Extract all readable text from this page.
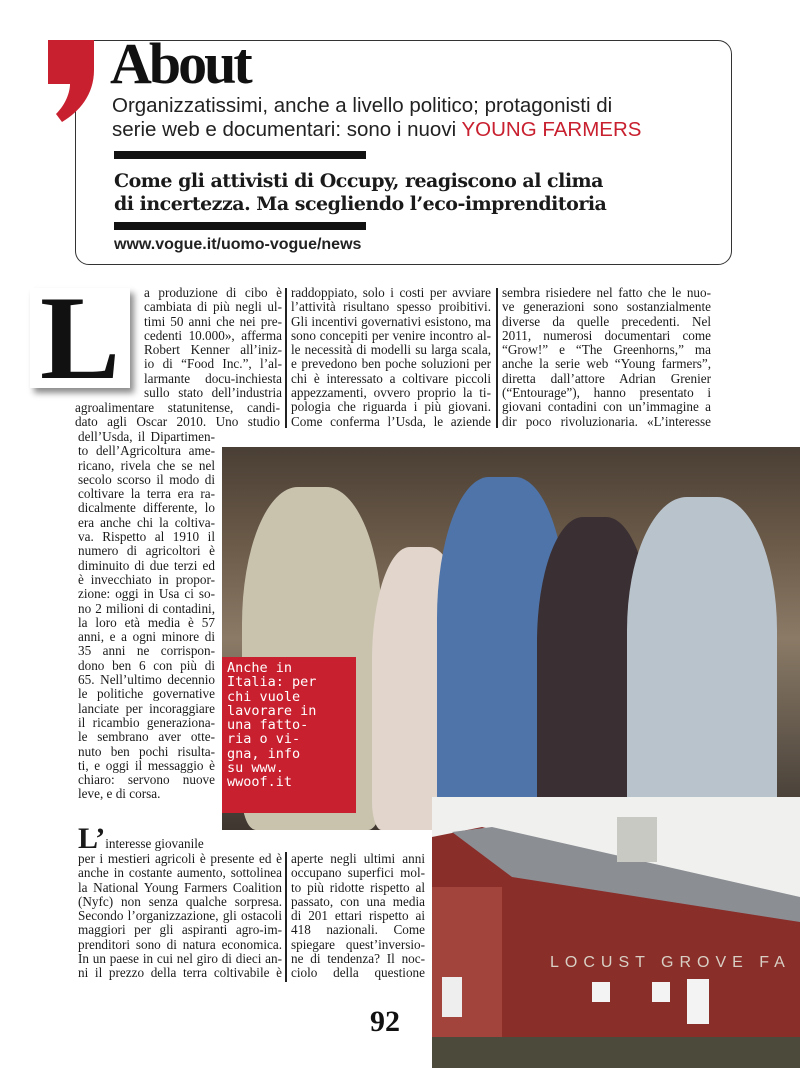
About
Organizzatissimi, anche a livello politico; protagonisti di
serie web e documentari: sono i nuovi YOUNG FARMERS
Come gli attivisti di Occupy, reagiscono al clima
di incertezza. Ma scegliendo l’eco-imprenditoria
www.vogue.it/uomo-vogue/news
L	a produzione di cibo è
cambiata di più negli ul-
timi 50 anni che nei pre-
cedenti 10.000», afferma
Robert Kenner all’iniz-
io di “Food Inc.”, l’al-
larmante docu-inchiesta
sullo stato dell’industria
agroalimentare statunitense, candi-
dato agli Oscar 2010. Uno studio
raddoppiato, solo i costi per avviare
l’attività risultano spesso proibitivi.
Gli incentivi governativi esistono, ma
sono concepiti per venire incontro al-
le necessità di modelli su larga scala,
e prevedono ben poche soluzioni per
chi è interessato a coltivare piccoli
appezzamenti, ovvero proprio la ti-
pologia che riguarda i più giovani.
Come conferma l’Usda, le aziende
sembra risiedere nel fatto che le nuo-
ve generazioni sono sostanzialmente
diverse da quelle precedenti. Nel
2011, numerosi documentari come
“Grow!” e “The Greenhorns,” ma
anche la serie web “Young farmers”,
diretta dall’attore Adrian Grenier
(“Entourage”), hanno presentato i
giovani contadini con un’immagine a
dir poco rivoluzionaria. «L’interesse
dell’Usda, il Dipartimen-
to dell’Agricoltura ame-
ricano, rivela che se nel
secolo scorso il modo di
coltivare la terra era ra-
dicalmente differente, lo
era anche chi la coltiva-
va. Rispetto al 1910 il
numero di agricoltori è
diminuito di due terzi ed
è invecchiato in propor-
zione: oggi in Usa ci so-
no 2 milioni di contadini,
la loro età media è 57
anni, e a ogni minore di
35 anni ne corrispon-
dono ben 6 con più di
65. Nell’ultimo decennio
le politiche governative
lanciate per incoraggiare
il ricambio generaziona-
le sembrano aver otte-
nuto ben pochi risulta-
ti, e oggi il messaggio è
chiaro: servono nuove
leve, e di corsa.
Anche in
Italia: per
chi vuole
lavorare in
una fatto-
ria o vi-
gna, info
su www.
wwoof.it
L’interesse giovanile
per i mestieri agricoli è presente ed è
anche in costante aumento, sottolinea
la National Young Farmers Coalition
(Nyfc) non senza qualche sorpresa.
Secondo l’organizzazione, gli ostacoli
maggiori per gli aspiranti agro-im-
prenditori sono di natura economica.
In un paese in cui nel giro di dieci an-
ni il prezzo della terra coltivabile è
aperte negli ultimi anni
occupano superfici mol-
to più ridotte rispetto al
passato, con una media
di 201 ettari rispetto ai
418 nazionali. Come
spiegare quest’inversio-
ne di tendenza? Il noc-
ciolo della questione
LOCUST GROVE FA
92
